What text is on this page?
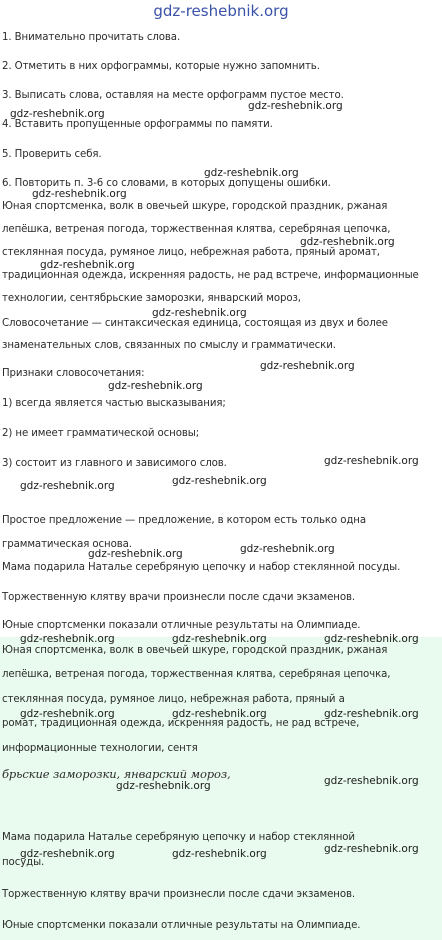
gdz-reshebnik.org
1. Внимательно прочитать слова.
2. Отметить в них орфограммы, которые нужно запомнить.
3. Выписать слова, оставляя на месте орфограмм пустое место.
4. Вставить пропущенные орфограммы по памяти.
5. Проверить себя.
6. Повторить п. 3-6 со словами, в которых допущены ошибки.
Юная спортсменка, волк в овечьей шкуре, городской праздник, ржаная
лепёшка, ветреная погода, торжественная клятва, серебряная цепочка,
стеклянная посуда, румяное лицо, небрежная работа, пряный аромат,
традиционная одежда, искренняя радость, не рад встрече, информационные
технологии, сентябрьские заморозки, январский мороз,
Словосочетание — синтаксическая единица, состоящая из двух и более
знаменательных слов, связанных по смыслу и грамматически.
Признаки словосочетания:
1) всегда является частью высказывания;
2) не имеет грамматической основы;
3) состоит из главного и зависимого слов.
Простое предложение — предложение, в котором есть только одна
грамматическая основа.
Мама подарила Наталье серебряную цепочку и набор стеклянной посуды.
Торжественную клятву врачи произнесли после сдачи экзаменов.
Юные спортсменки показали отличные результаты на Олимпиаде.
Юная спортсменка, волк в овечьей шкуре, городской праздник, ржаная
лепёшка, ветреная погода, торжественная клятва, серебряная цепочка,
стеклянная посуда, румяное лицо, небрежная работа, пряный а
ромат, традиционная одежда, искренняя радость, не рад встрече,
информационные технологии, сентя
брьские заморозки, январский мороз,
Мама подарила Наталье серебряную цепочку и набор стеклянной
посуды.
Торжественную клятву врачи произнесли после сдачи экзаменов.
Юные спортсменки показали отличные результаты на Олимпиаде.
gdz-reshebnik.org
gdz-reshebnik.org
gdz-reshebnik.org
gdz-reshebnik.org
gdz-reshebnik.org
gdz-reshebnik.org
gdz-reshebnik.org
gdz-reshebnik.org
gdz-reshebnik.org
gdz-reshebnik.org
gdz-reshebnik.org
gdz-reshebnik.org
gdz-reshebnik.org
gdz-reshebnik.org
gdz-reshebnik.org	gdz-reshebnik.org	gdz-reshebnik.org
gdz-reshebnik.org	gdz-reshebnik.org	gdz-reshebnik.org
gdz-reshebnik.org
gdz-reshebnik.org
gdz-reshebnik.org
gdz-reshebnik.org	gdz-reshebnik.org
